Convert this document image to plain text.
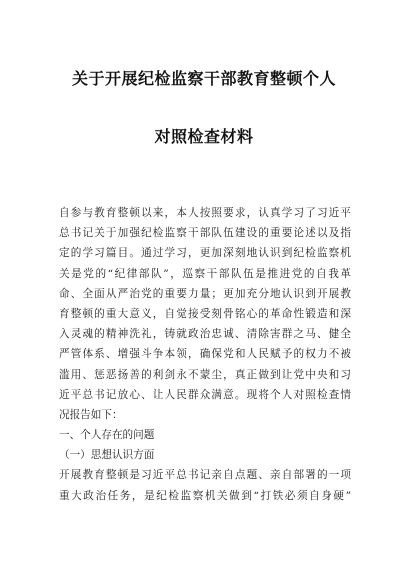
关于开展纪检监察干部教育整顿个人
对照检查材料
自参与教育整顿以来，本人按照要求，认真学习了习近平
总书记关于加强纪检监察干部队伍建设的重要论述以及指
定的学习篇目。通过学习，更加深刻地认识到纪检监察机
关是党的“纪律部队”，巡察干部队伍是推进党的自我革
命、全面从严治党的重要力量；更加充分地认识到开展教
育整顿的重大意义，自觉接受刻骨铭心的革命性锻造和深
入灵魂的精神洗礼，铸就政治忠诚、清除害群之马、健全
严管体系、增强斗争本领，确保党和人民赋予的权力不被
滥用、惩恶扬善的利剑永不蒙尘，真正做到让党中央和习
近平总书记放心、让人民群众满意。现将个人对照检查情
况报告如下：
一、个人存在的问题
（一）思想认识方面
开展教育整顿是习近平总书记亲自点题、亲自部署的一项
重大政治任务，是纪检监察机关做到“打铁必须自身硬”
